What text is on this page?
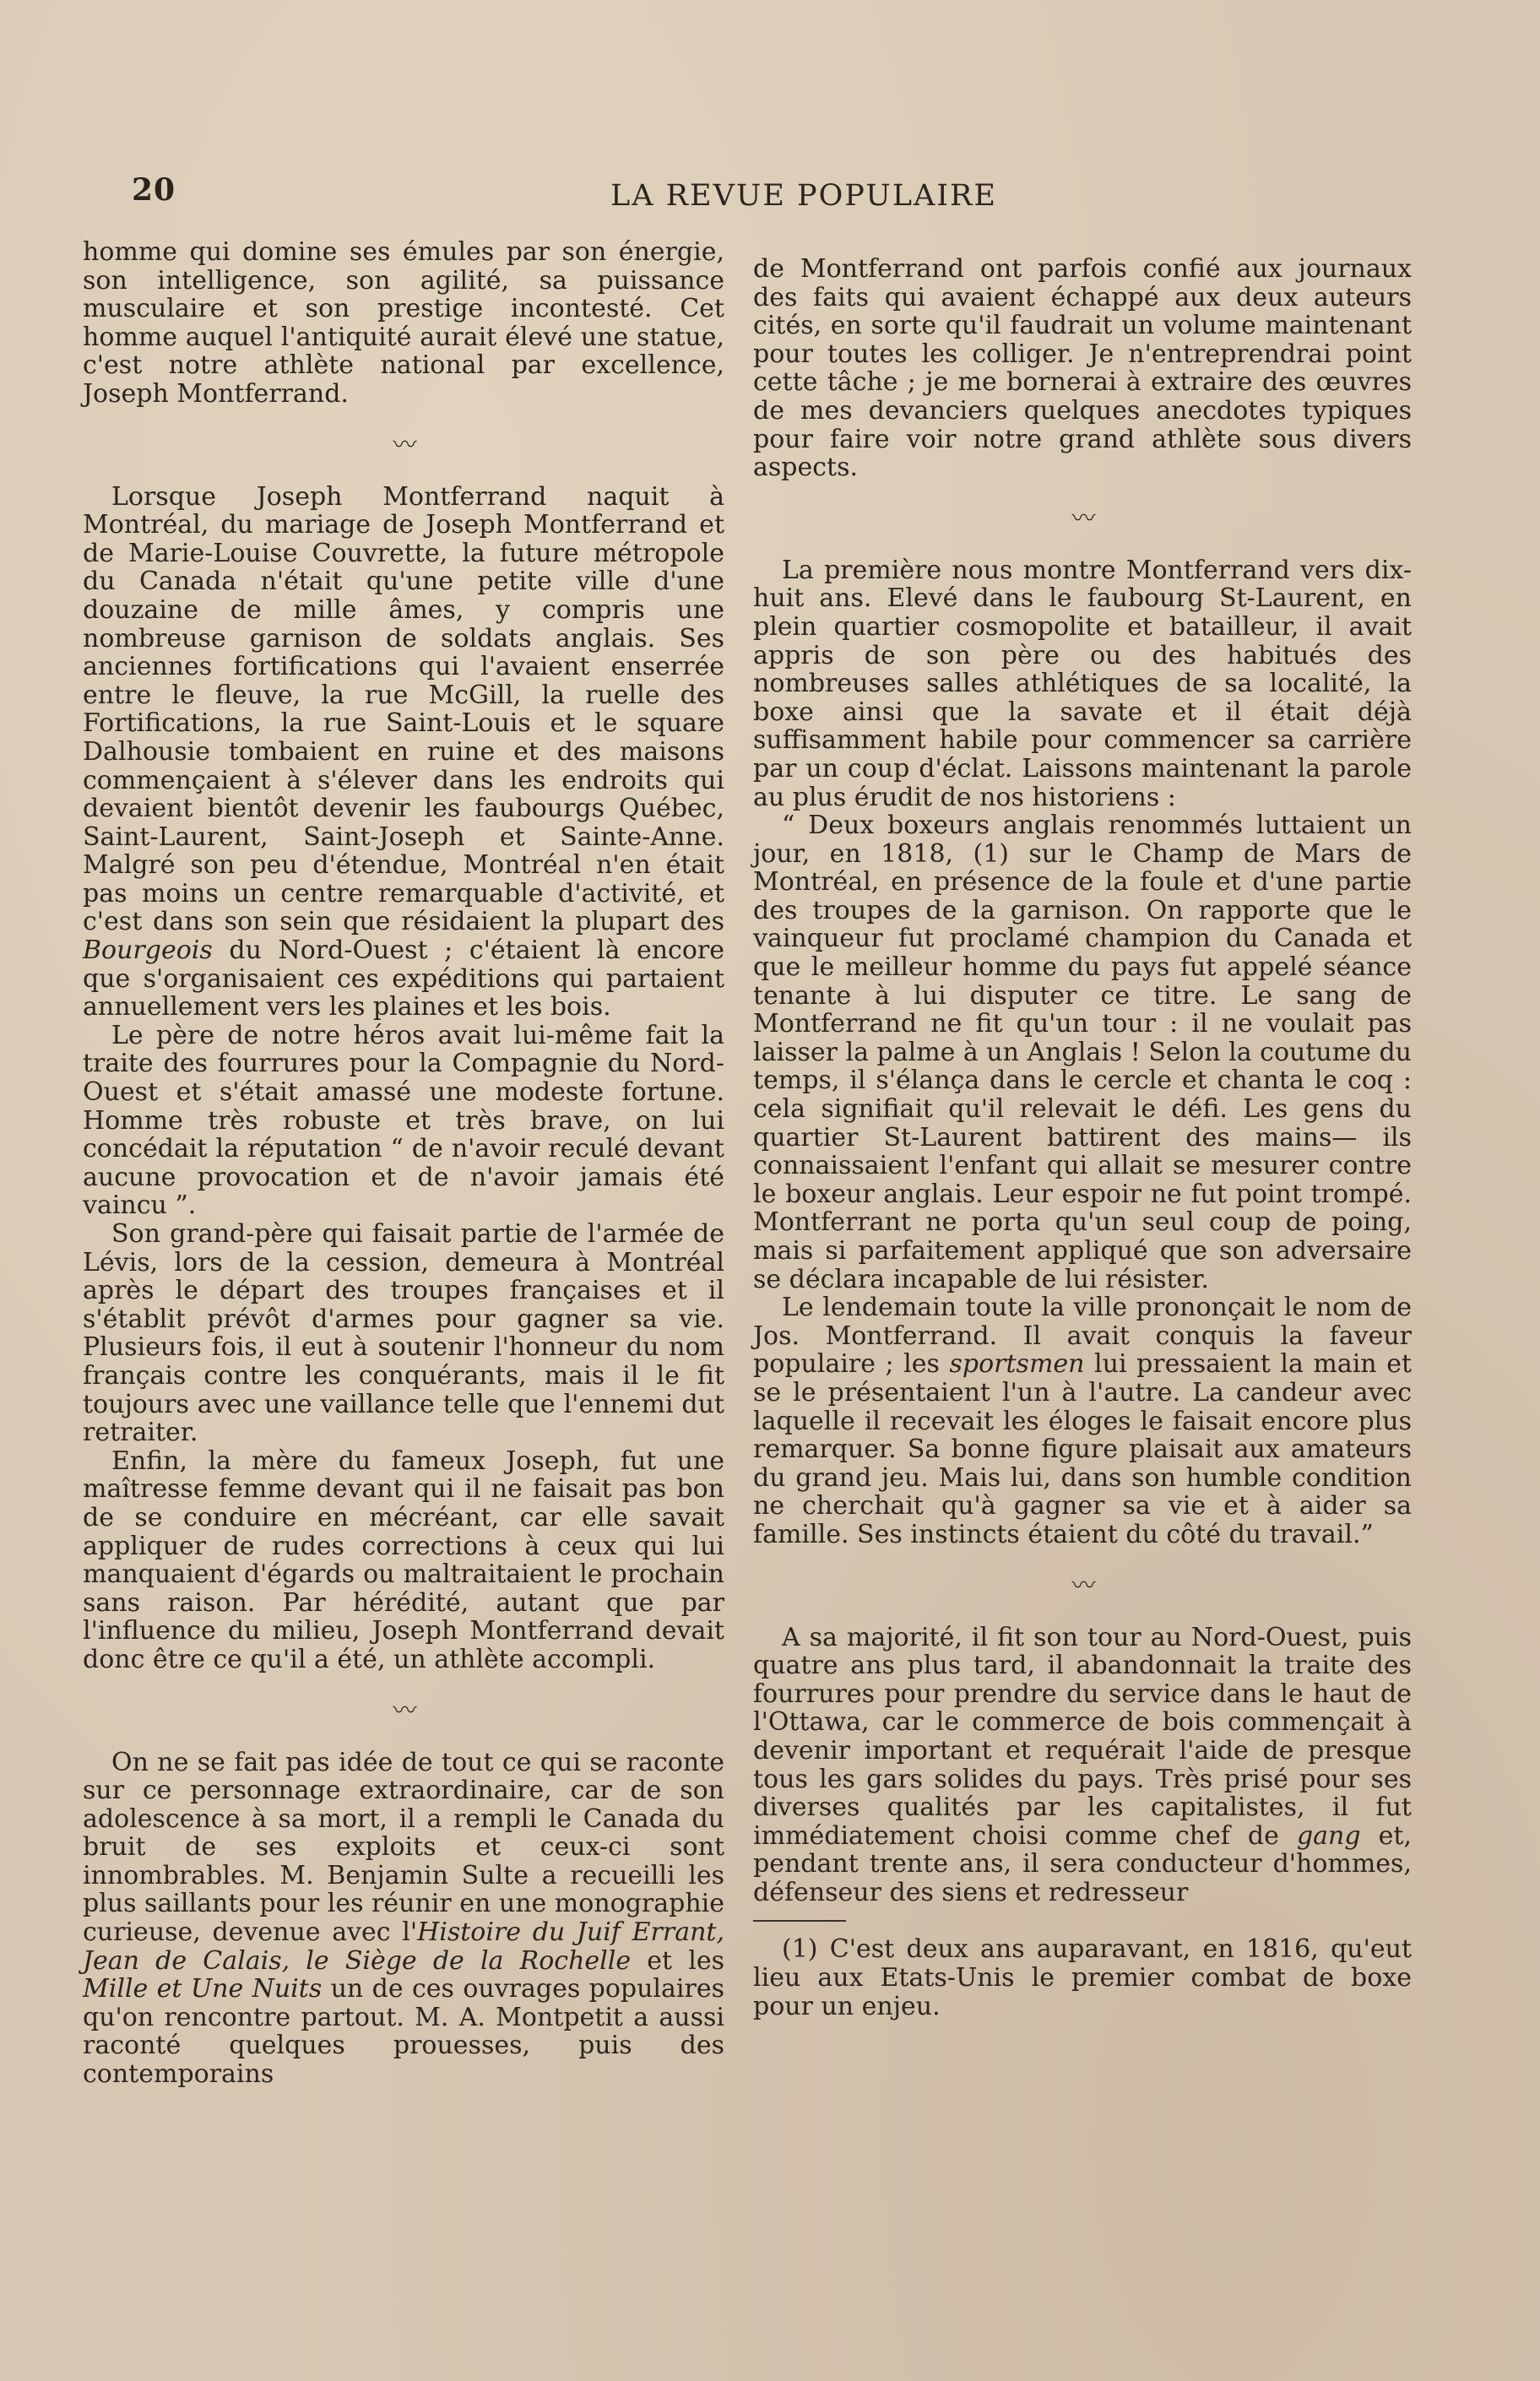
20	LA REVUE POPULAIRE

homme qui domine ses émules par son énergie, son intelligence, son agilité, sa puissance musculaire et son prestige incontesté. Cet homme auquel l'antiquité aurait élevé une statue, c'est notre athlète national par excellence, Joseph Montferrand.

〰

Lorsque Joseph Montferrand naquit à Montréal, du mariage de Joseph Montferrand et de Marie-Louise Couvrette, la future métropole du Canada n'était qu'une petite ville d'une douzaine de mille âmes, y compris une nombreuse garnison de soldats anglais. Ses anciennes fortifications qui l'avaient enserrée entre le fleuve, la rue McGill, la ruelle des Fortifications, la rue Saint-Louis et le square Dalhousie tombaient en ruine et des maisons commençaient à s'élever dans les endroits qui devaient bientôt devenir les faubourgs Québec, Saint-Laurent, Saint-Joseph et Sainte-Anne. Malgré son peu d'étendue, Montréal n'en était pas moins un centre remarquable d'activité, et c'est dans son sein que résidaient la plupart des Bourgeois du Nord-Ouest ; c'étaient là encore que s'organisaient ces expéditions qui partaient annuellement vers les plaines et les bois.

Le père de notre héros avait lui-même fait la traite des fourrures pour la Compagnie du Nord-Ouest et s'était amassé une modeste fortune. Homme très robuste et très brave, on lui concédait la réputation “ de n'avoir reculé devant aucune provocation et de n'avoir jamais été vaincu ”.

Son grand-père qui faisait partie de l'armée de Lévis, lors de la cession, demeura à Montréal après le départ des troupes françaises et il s'établit prévôt d'armes pour gagner sa vie. Plusieurs fois, il eut à soutenir l'honneur du nom français contre les conquérants, mais il le fit toujours avec une vaillance telle que l'ennemi dut retraiter.

Enfin, la mère du fameux Joseph, fut une maîtresse femme devant qui il ne faisait pas bon de se conduire en mécréant, car elle savait appliquer de rudes corrections à ceux qui lui manquaient d'égards ou maltraitaient le prochain sans raison. Par hérédité, autant que par l'influence du milieu, Joseph Montferrand devait donc être ce qu'il a été, un athlète accompli.

〰

On ne se fait pas idée de tout ce qui se raconte sur ce personnage extraordinaire, car de son adolescence à sa mort, il a rempli le Canada du bruit de ses exploits et ceux-ci sont innombrables. M. Benjamin Sulte a recueilli les plus saillants pour les réunir en une monographie curieuse, devenue avec l'Histoire du Juif Errant, Jean de Calais, le Siège de la Rochelle et les Mille et Une Nuits un de ces ouvrages populaires qu'on rencontre partout. M. A. Montpetit a aussi raconté quelques prouesses, puis des contemporains

de Montferrand ont parfois confié aux journaux des faits qui avaient échappé aux deux auteurs cités, en sorte qu'il faudrait un volume maintenant pour toutes les colliger. Je n'entreprendrai point cette tâche ; je me bornerai à extraire des œuvres de mes devanciers quelques anecdotes typiques pour faire voir notre grand athlète sous divers aspects.

〰

La première nous montre Montferrand vers dix-huit ans. Elevé dans le faubourg St-Laurent, en plein quartier cosmopolite et batailleur, il avait appris de son père ou des habitués des nombreuses salles athlétiques de sa localité, la boxe ainsi que la savate et il était déjà suffisamment habile pour commencer sa carrière par un coup d'éclat. Laissons maintenant la parole au plus érudit de nos historiens :

“ Deux boxeurs anglais renommés luttaient un jour, en 1818, (1) sur le Champ de Mars de Montréal, en présence de la foule et d'une partie des troupes de la garnison. On rapporte que le vainqueur fut proclamé champion du Canada et que le meilleur homme du pays fut appelé séance tenante à lui disputer ce titre. Le sang de Montferrand ne fit qu'un tour : il ne voulait pas laisser la palme à un Anglais ! Selon la coutume du temps, il s'élança dans le cercle et chanta le coq : cela signifiait qu'il relevait le défi. Les gens du quartier St-Laurent battirent des mains— ils connaissaient l'enfant qui allait se mesurer contre le boxeur anglais. Leur espoir ne fut point trompé. Montferrant ne porta qu'un seul coup de poing, mais si parfaitement appliqué que son adversaire se déclara incapable de lui résister.

Le lendemain toute la ville prononçait le nom de Jos. Montferrand. Il avait conquis la faveur populaire ; les sportsmen lui pressaient la main et se le présentaient l'un à l'autre. La candeur avec laquelle il recevait les éloges le faisait encore plus remarquer. Sa bonne figure plaisait aux amateurs du grand jeu. Mais lui, dans son humble condition ne cherchait qu'à gagner sa vie et à aider sa famille. Ses instincts étaient du côté du travail.”

〰

A sa majorité, il fit son tour au Nord-Ouest, puis quatre ans plus tard, il abandonnait la traite des fourrures pour prendre du service dans le haut de l'Ottawa, car le commerce de bois commençait à devenir important et requérait l'aide de presque tous les gars solides du pays. Très prisé pour ses diverses qualités par les capitalistes, il fut immédiatement choisi comme chef de gang et, pendant trente ans, il sera conducteur d'hommes, défenseur des siens et redresseur

(1) C'est deux ans auparavant, en 1816, qu'eut lieu aux Etats-Unis le premier combat de boxe pour un enjeu.
